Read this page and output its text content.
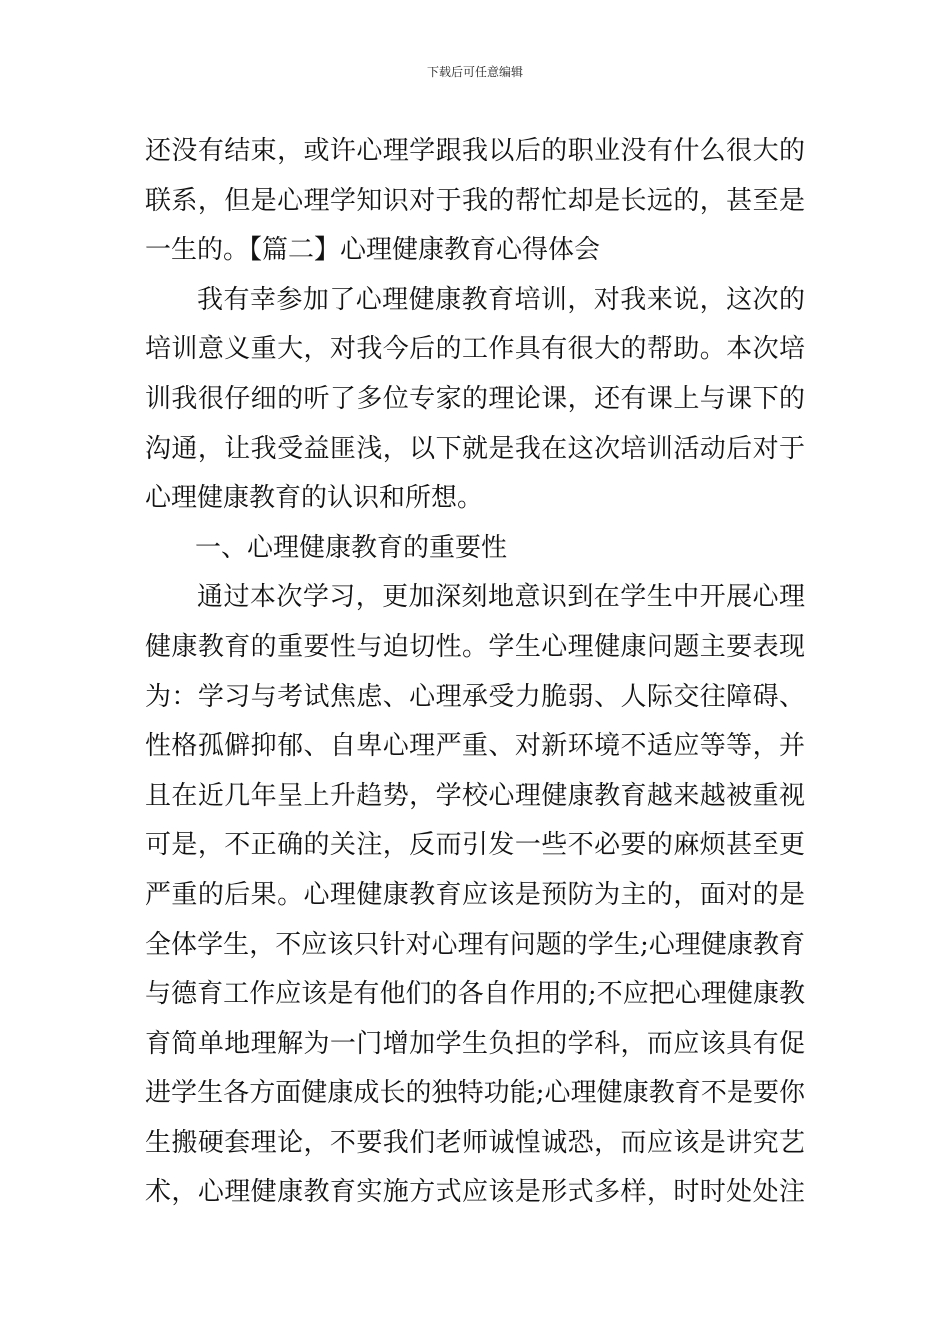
下载后可任意编辑
还没有结束，或许心理学跟我以后的职业没有什么很大的
联系，但是心理学知识对于我的帮忙却是长远的，甚至是
一生的。【篇二】心理健康教育心得体会
我有幸参加了心理健康教育培训，对我来说，这次的
培训意义重大，对我今后的工作具有很大的帮助。本次培
训我很仔细的听了多位专家的理论课，还有课上与课下的
沟通，让我受益匪浅，以下就是我在这次培训活动后对于
心理健康教育的认识和所想。
一、心理健康教育的重要性
通过本次学习，更加深刻地意识到在学生中开展心理
健康教育的重要性与迫切性。学生心理健康问题主要表现
为：学习与考试焦虑、心理承受力脆弱、人际交往障碍、
性格孤僻抑郁、自卑心理严重、对新环境不适应等等，并
且在近几年呈上升趋势，学校心理健康教育越来越被重视
可是，不正确的关注，反而引发一些不必要的麻烦甚至更
严重的后果。心理健康教育应该是预防为主的，面对的是
全体学生，不应该只针对心理有问题的学生;心理健康教育
与德育工作应该是有他们的各自作用的;不应把心理健康教
育简单地理解为一门增加学生负担的学科，而应该具有促
进学生各方面健康成长的独特功能;心理健康教育不是要你
生搬硬套理论，不要我们老师诚惶诚恐，而应该是讲究艺
术，心理健康教育实施方式应该是形式多样，时时处处注
